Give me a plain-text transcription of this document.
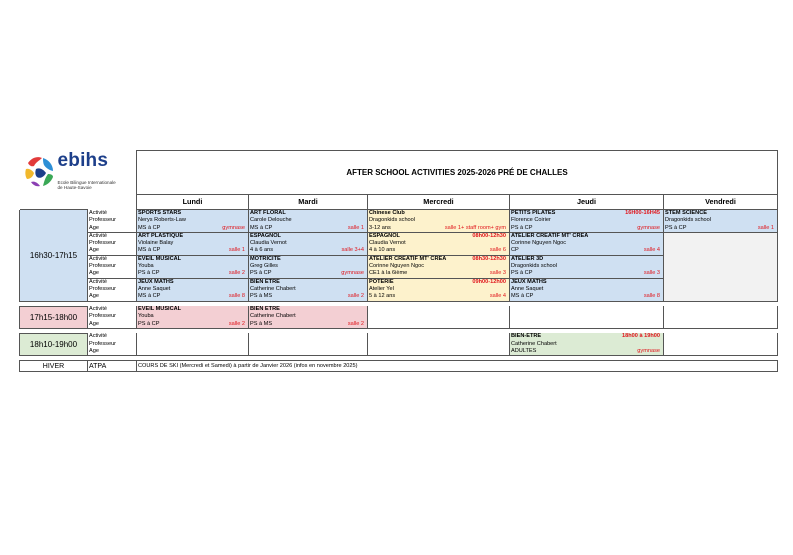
ebihs
Ecole Bilingue Internationale
de Haute-Savoie		AFTER SCHOOL ACTIVITIES 2025-2026 PRÉ DE CHALLES				
		Lundi	Mardi	Mercredi	Jeudi	Vendredi
16h30-17h15	Activité	SPORTS STARS	ART FLORAL	Chinese Club	PETITS PILATES 16H00-16H45	STEM SCIENCE

	Professeur	Nerys Roberts-Law	Carole Delouche	Dragonkids school	Florence Coirier	Dragonkids school
	Age	MS à CP gymnase	MS à CP salle 1	3-12 ans salle 1+ staff room+ gym	PS à CP gymnase	PS à CP salle 1

	Activité	ART PLASTIQUE	ESPAGNOL	ESPAGNOL 08h00-12h30	ATELIER CREATIF MT' CREA	

	Professeur	Violaine Balay	Claudia Vernot	Claudia Vernot	Corinne Nguyen Ngoc	
	Age	MS à CP salle 1	4 à 6 ans salle 3+4	4 à 10 ans salle 6	CP salle 4	

	Activité	EVEIL MUSICAL	MOTRICITE	ATELIER CREATIF MT' CREA 08h30-12h30	ATELIER 3D	

	Professeur	Youba	Greg Gilles	Corinne Nguyen Ngoc	Dragonkids school	
	Age	PS à CP salle 2	PS à CP gymnase	CE1 à la 6ième salle 3	PS à CP salle 3	

	Activité	JEUX MATHS	BIEN ETRE	POTERIE 09h00-12h00	JEUX MATHS	

	Professeur	Anne Saquet	Catherine Chabert	Atelier Yel	Anne Saquet	
	Age	MS à CP salle 8	PS à MS salle 2	5 à 12 ans salle 4	MS à CP salle 8	

17h15-18h00	Activité	EVEIL MUSICAL	BIEN ETRE			

	Professeur	Youba	Catherine Chabert			
	Age	PS à CP salle 2	PS à MS salle 2			

18h10-19h00	Activité				BIEN-ETRE 18h00 à 19h00	

	Professeur				Catherine Chabert	
	Age				ADULTES gymnase	

HIVER	ATPA	COURS DE SKI (Mercredi et Samedi) à partir de Janvier 2026 (infos en novembre 2025)				
